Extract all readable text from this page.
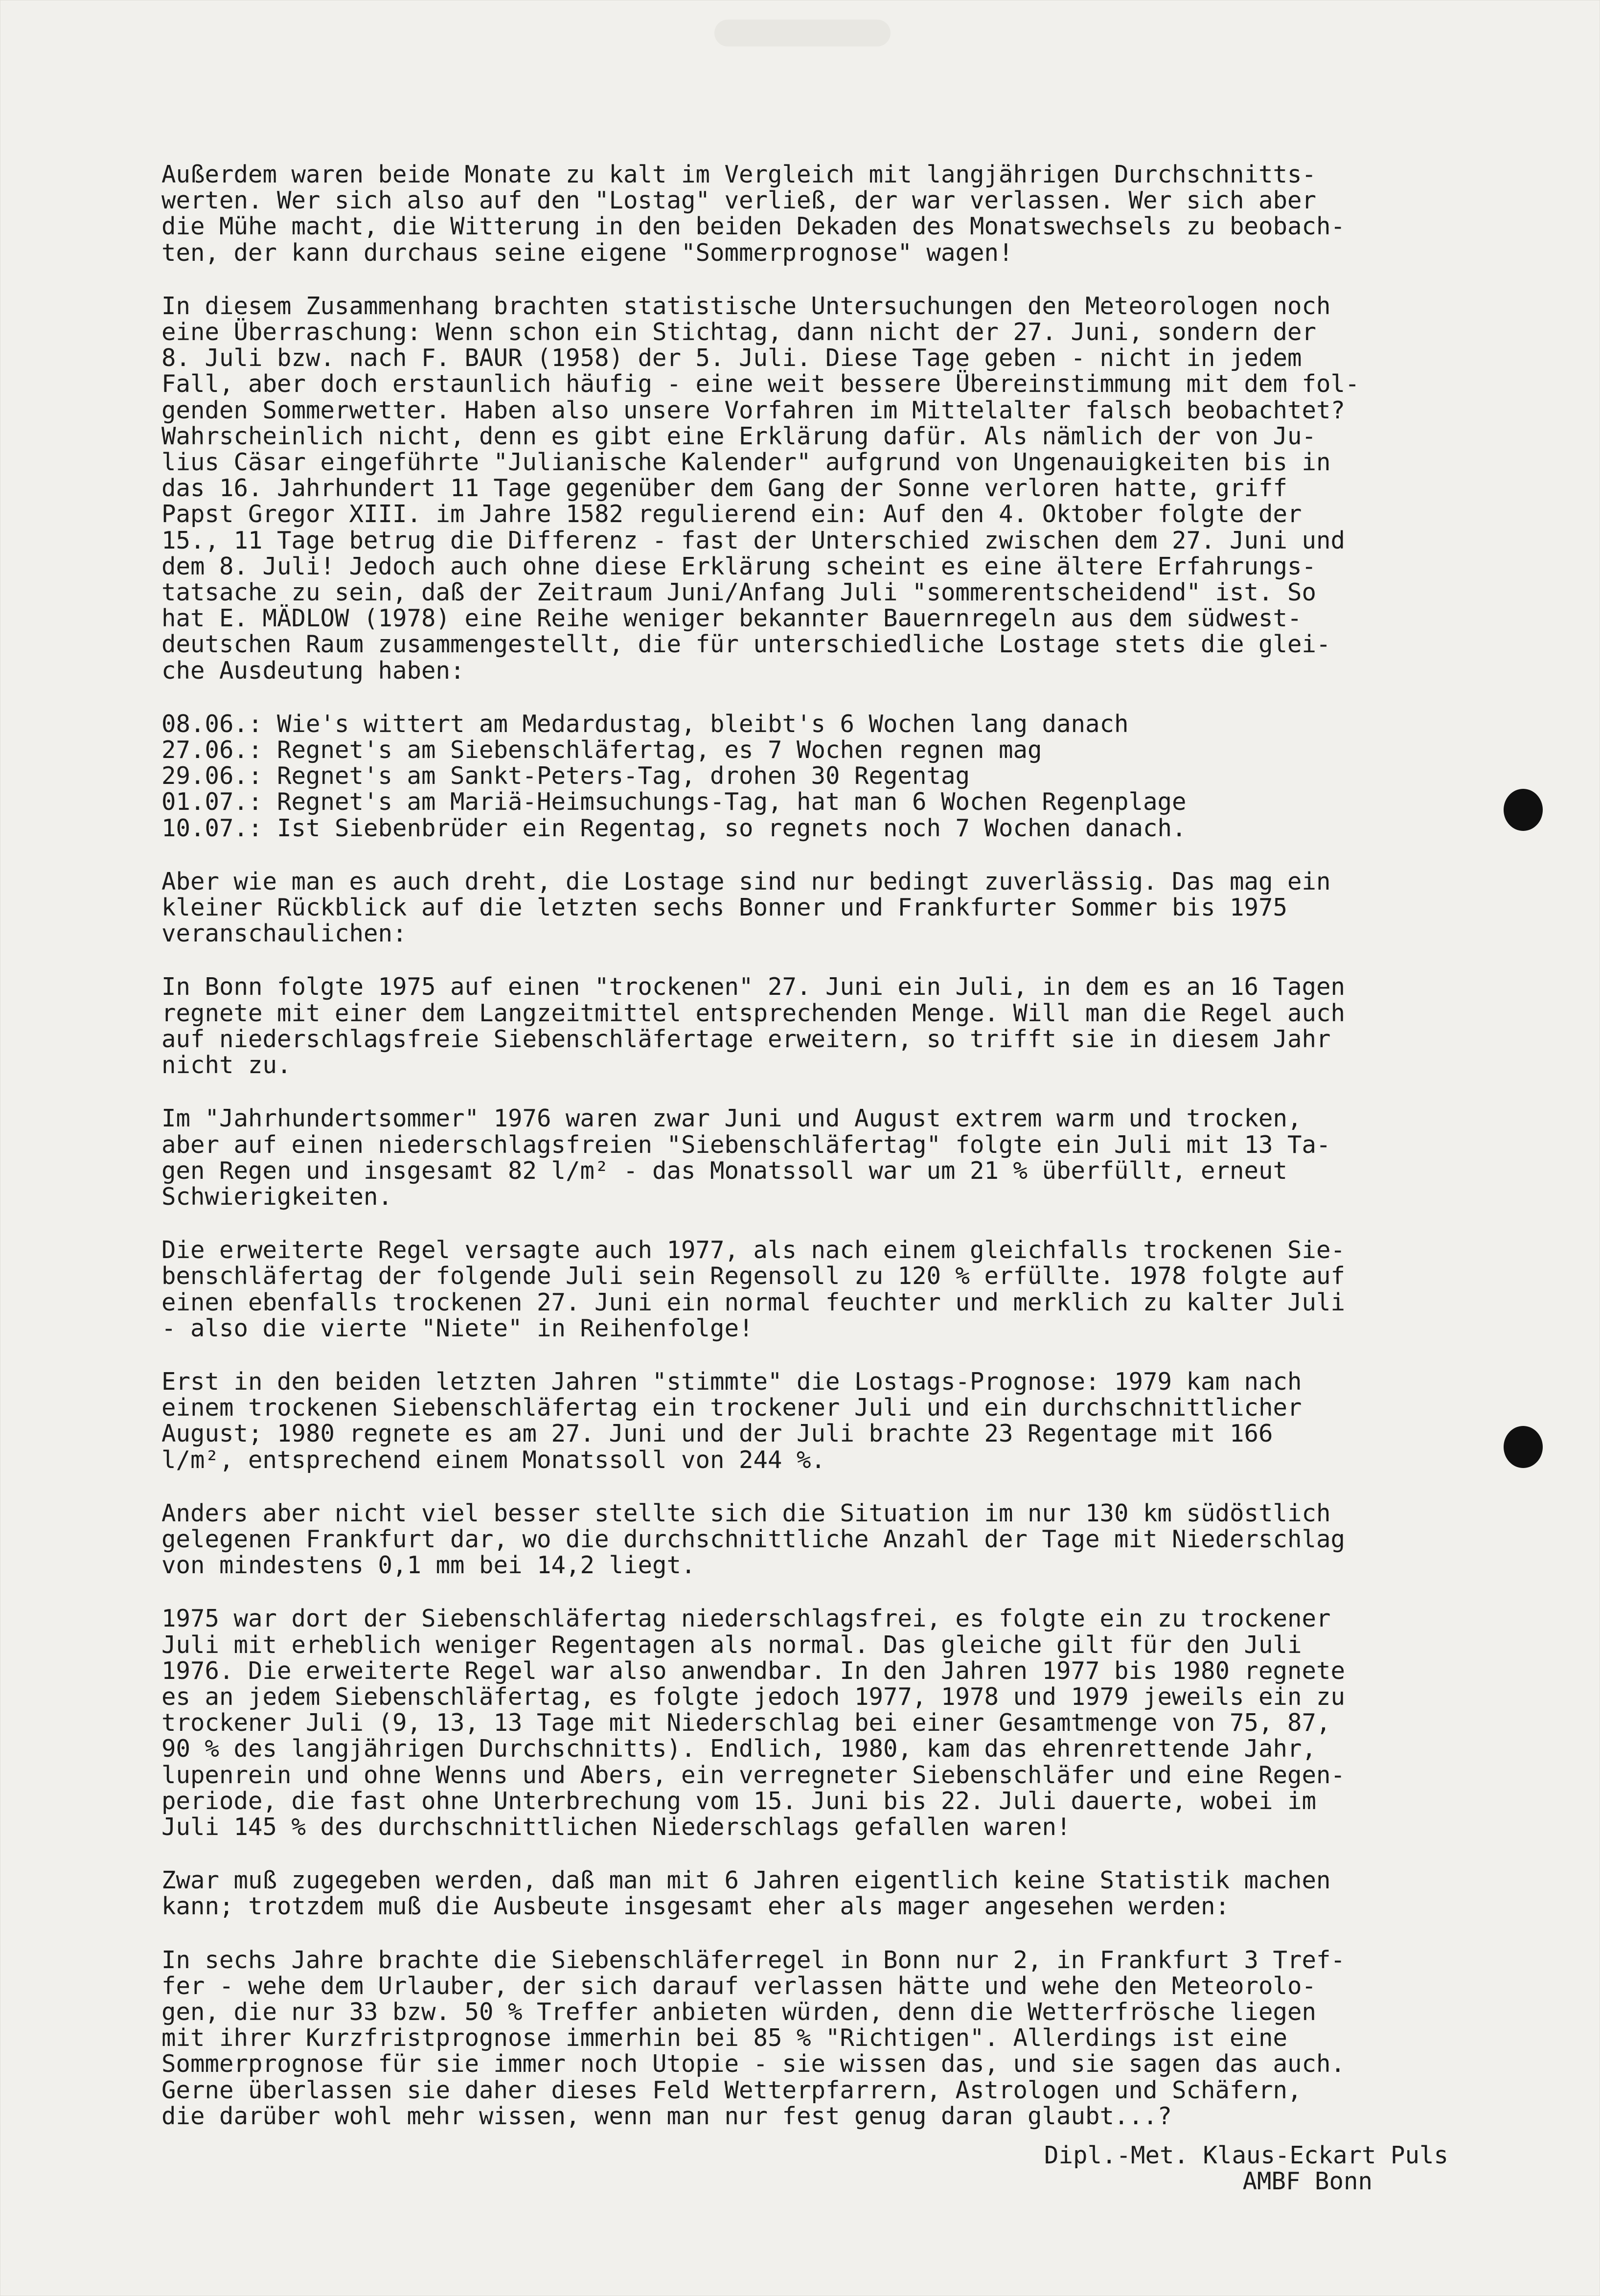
Außerdem waren beide Monate zu kalt im Vergleich mit langjährigen Durchschnitts-
werten. Wer sich also auf den "Lostag" verließ, der war verlassen. Wer sich aber
die Mühe macht, die Witterung in den beiden Dekaden des Monatswechsels zu beobach-
ten, der kann durchaus seine eigene "Sommerprognose" wagen!

In diesem Zusammenhang brachten statistische Untersuchungen den Meteorologen noch
eine Überraschung: Wenn schon ein Stichtag, dann nicht der 27. Juni, sondern der
8. Juli bzw. nach F. BAUR (1958) der 5. Juli. Diese Tage geben - nicht in jedem
Fall, aber doch erstaunlich häufig - eine weit bessere Übereinstimmung mit dem fol-
genden Sommerwetter. Haben also unsere Vorfahren im Mittelalter falsch beobachtet?
Wahrscheinlich nicht, denn es gibt eine Erklärung dafür. Als nämlich der von Ju-
lius Cäsar eingeführte "Julianische Kalender" aufgrund von Ungenauigkeiten bis in
das 16. Jahrhundert 11 Tage gegenüber dem Gang der Sonne verloren hatte, griff
Papst Gregor XIII. im Jahre 1582 regulierend ein: Auf den 4. Oktober folgte der
15., 11 Tage betrug die Differenz - fast der Unterschied zwischen dem 27. Juni und
dem 8. Juli! Jedoch auch ohne diese Erklärung scheint es eine ältere Erfahrungs-
tatsache zu sein, daß der Zeitraum Juni/Anfang Juli "sommerentscheidend" ist. So
hat E. MÄDLOW (1978) eine Reihe weniger bekannter Bauernregeln aus dem südwest-
deutschen Raum zusammengestellt, die für unterschiedliche Lostage stets die glei-
che Ausdeutung haben:

08.06.: Wie's wittert am Medardustag, bleibt's 6 Wochen lang danach
27.06.: Regnet's am Siebenschläfertag, es 7 Wochen regnen mag
29.06.: Regnet's am Sankt-Peters-Tag, drohen 30 Regentag
01.07.: Regnet's am Mariä-Heimsuchungs-Tag, hat man 6 Wochen Regenplage
10.07.: Ist Siebenbrüder ein Regentag, so regnets noch 7 Wochen danach.

Aber wie man es auch dreht, die Lostage sind nur bedingt zuverlässig. Das mag ein
kleiner Rückblick auf die letzten sechs Bonner und Frankfurter Sommer bis 1975
veranschaulichen:

In Bonn folgte 1975 auf einen "trockenen" 27. Juni ein Juli, in dem es an 16 Tagen
regnete mit einer dem Langzeitmittel entsprechenden Menge. Will man die Regel auch
auf niederschlagsfreie Siebenschläfertage erweitern, so trifft sie in diesem Jahr
nicht zu.

Im "Jahrhundertsommer" 1976 waren zwar Juni und August extrem warm und trocken,
aber auf einen niederschlagsfreien "Siebenschläfertag" folgte ein Juli mit 13 Ta-
gen Regen und insgesamt 82 l/m² - das Monatssoll war um 21 % überfüllt, erneut
Schwierigkeiten.

Die erweiterte Regel versagte auch 1977, als nach einem gleichfalls trockenen Sie-
benschläfertag der folgende Juli sein Regensoll zu 120 % erfüllte. 1978 folgte auf
einen ebenfalls trockenen 27. Juni ein normal feuchter und merklich zu kalter Juli
- also die vierte "Niete" in Reihenfolge!

Erst in den beiden letzten Jahren "stimmte" die Lostags-Prognose: 1979 kam nach
einem trockenen Siebenschläfertag ein trockener Juli und ein durchschnittlicher
August; 1980 regnete es am 27. Juni und der Juli brachte 23 Regentage mit 166
l/m², entsprechend einem Monatssoll von 244 %.

Anders aber nicht viel besser stellte sich die Situation im nur 130 km südöstlich
gelegenen Frankfurt dar, wo die durchschnittliche Anzahl der Tage mit Niederschlag
von mindestens 0,1 mm bei 14,2 liegt.

1975 war dort der Siebenschläfertag niederschlagsfrei, es folgte ein zu trockener
Juli mit erheblich weniger Regentagen als normal. Das gleiche gilt für den Juli
1976. Die erweiterte Regel war also anwendbar. In den Jahren 1977 bis 1980 regnete
es an jedem Siebenschläfertag, es folgte jedoch 1977, 1978 und 1979 jeweils ein zu
trockener Juli (9, 13, 13 Tage mit Niederschlag bei einer Gesamtmenge von 75, 87,
90 % des langjährigen Durchschnitts). Endlich, 1980, kam das ehrenrettende Jahr,
lupenrein und ohne Wenns und Abers, ein verregneter Siebenschläfer und eine Regen-
periode, die fast ohne Unterbrechung vom 15. Juni bis 22. Juli dauerte, wobei im
Juli 145 % des durchschnittlichen Niederschlags gefallen waren!

Zwar muß zugegeben werden, daß man mit 6 Jahren eigentlich keine Statistik machen
kann; trotzdem muß die Ausbeute insgesamt eher als mager angesehen werden:

In sechs Jahre brachte die Siebenschläferregel in Bonn nur 2, in Frankfurt 3 Tref-
fer - wehe dem Urlauber, der sich darauf verlassen hätte und wehe den Meteorolo-
gen, die nur 33 bzw. 50 % Treffer anbieten würden, denn die Wetterfrösche liegen
mit ihrer Kurzfristprognose immerhin bei 85 % "Richtigen". Allerdings ist eine
Sommerprognose für sie immer noch Utopie - sie wissen das, und sie sagen das auch.
Gerne überlassen sie daher dieses Feld Wetterpfarrern, Astrologen und Schäfern,
die darüber wohl mehr wissen, wenn man nur fest genug daran glaubt...?

Dipl.-Met. Klaus-Eckart Puls
AMBF Bonn
